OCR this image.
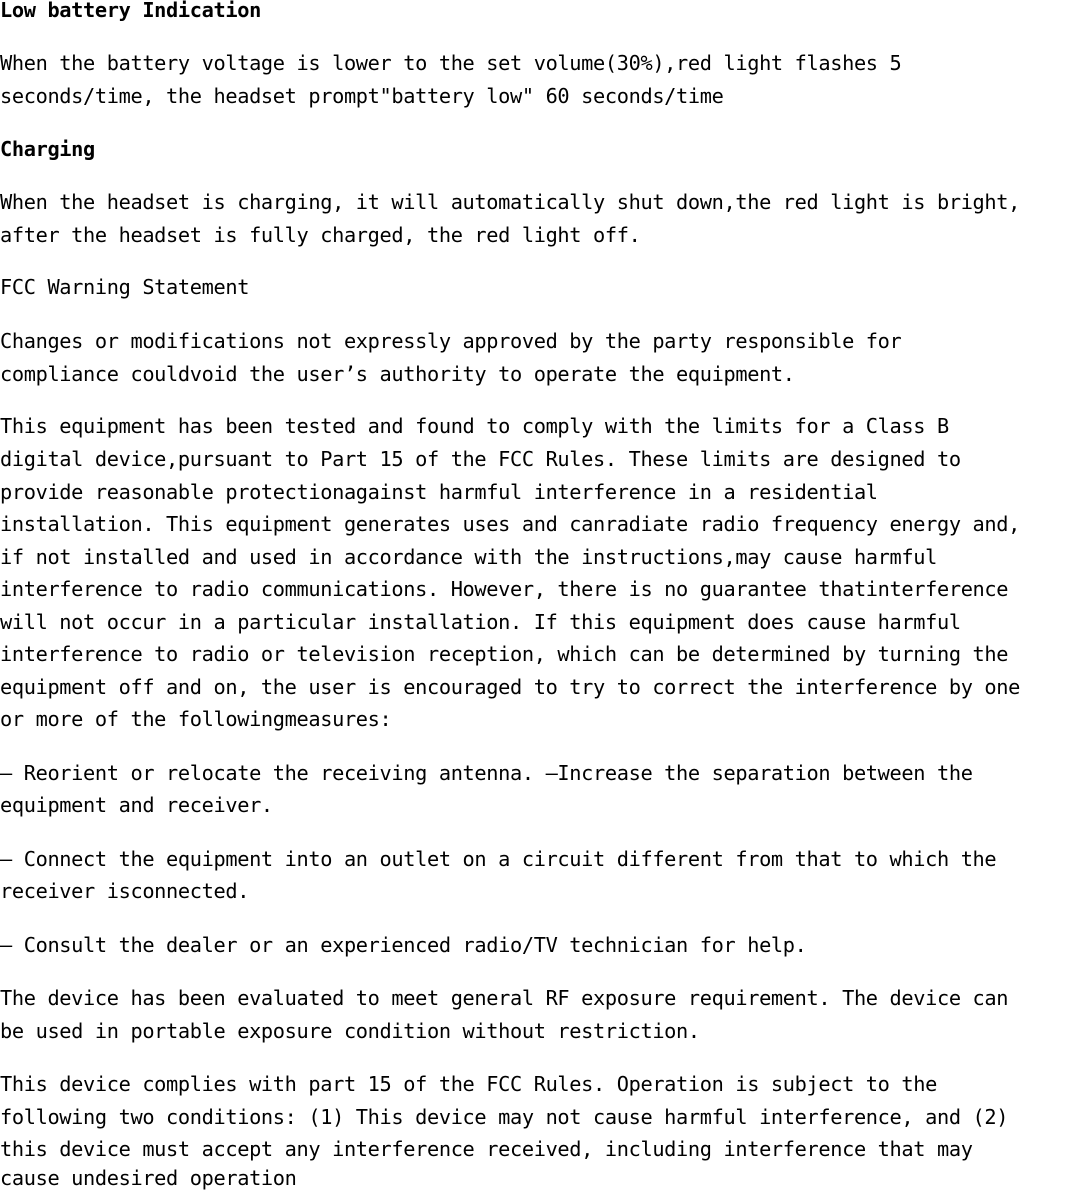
Low battery Indication

When the battery voltage is lower to the set volume(30%),red light flashes 5

seconds/time, the headset prompt"battery low" 60 seconds/time

Charging

When the headset is charging, it will automatically shut down,the red light is bright,

after the headset is fully charged, the red light off.

FCC Warning Statement

Changes or modifications not expressly approved by the party responsible for

compliance couldvoid the user’s authority to operate the equipment.

This equipment has been tested and found to comply with the limits for a Class B

digital device,pursuant to Part 15 of the FCC Rules. These limits are designed to

provide reasonable protectionagainst harmful interference in a residential

installation. This equipment generates uses and canradiate radio frequency energy and,

if not installed and used in accordance with the instructions,may cause harmful

interference to radio communications. However, there is no guarantee thatinterference

will not occur in a particular installation. If this equipment does cause harmful

interference to radio or television reception, which can be determined by turning the

equipment off and on, the user is encouraged to try to correct the interference by one

or more of the followingmeasures:

– Reorient or relocate the receiving antenna. –Increase the separation between the

equipment and receiver.

– Connect the equipment into an outlet on a circuit different from that to which the

receiver isconnected.

– Consult the dealer or an experienced radio/TV technician for help.

The device has been evaluated to meet general RF exposure requirement. The device can

be used in portable exposure condition without restriction.

This device complies with part 15 of the FCC Rules. Operation is subject to the

following two conditions: (1) This device may not cause harmful interference, and (2)

this device must accept any interference received, including interference that may

cause undesired operation
